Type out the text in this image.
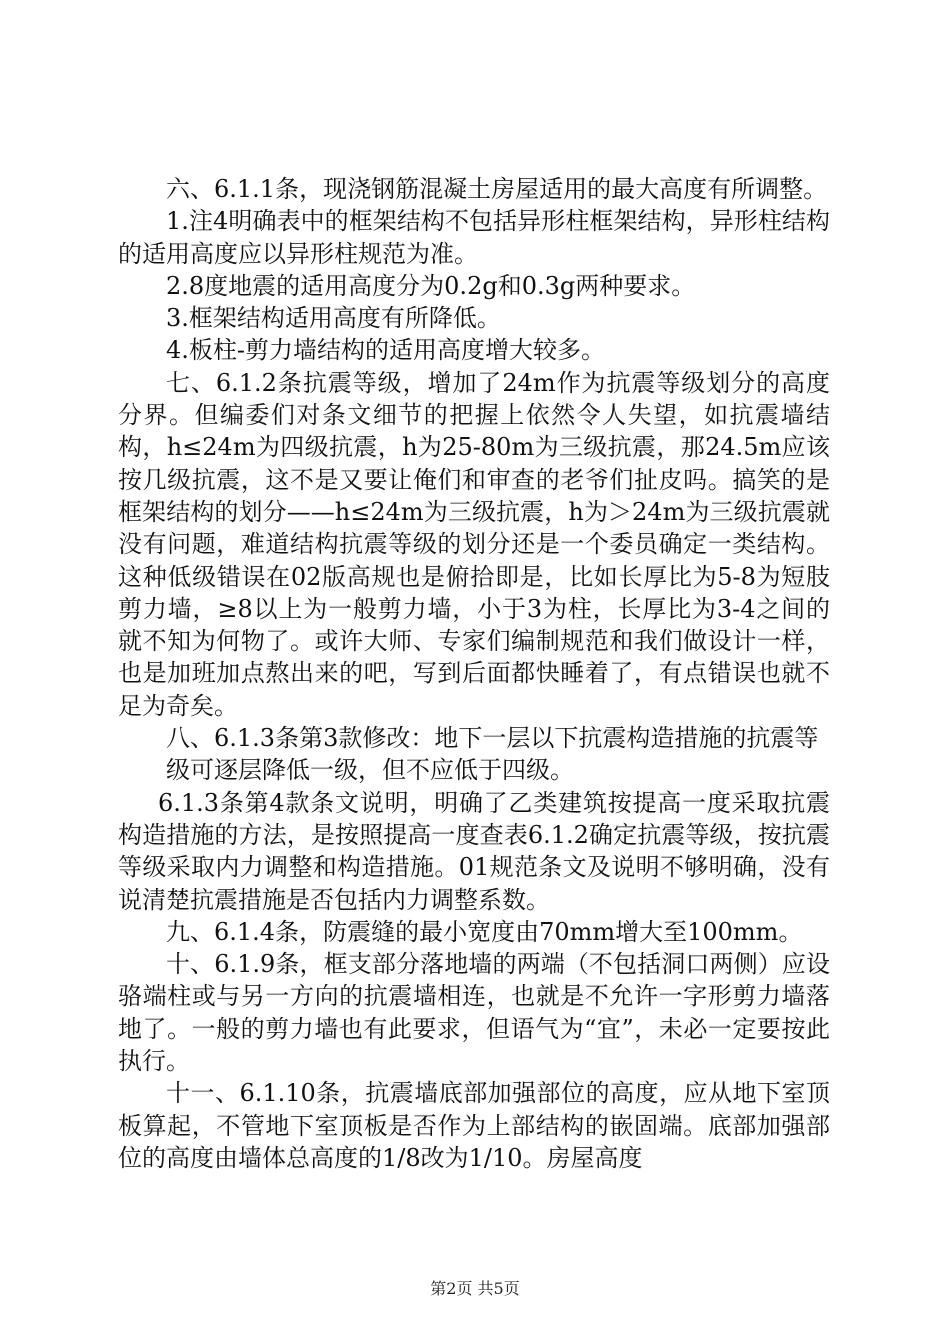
六、6.1.1条，现浇钢筋混凝土房屋适用的最大高度有所调整。

1.注4明确表中的框架结构不包括异形柱框架结构，异形柱结构的适用高度应以异形柱规范为准。

2.8度地震的适用高度分为0.2g和0.3g两种要求。

3.框架结构适用高度有所降低。

4.板柱-剪力墙结构的适用高度增大较多。

七、6.1.2条抗震等级，增加了24m作为抗震等级划分的高度分界。但编委们对条文细节的把握上依然令人失望，如抗震墙结构，h≤24m为四级抗震，h为25-80m为三级抗震，那24.5m应该按几级抗震，这不是又要让俺们和审查的老爷们扯皮吗。搞笑的是框架结构的划分——h≤24m为三级抗震，h为＞24m为三级抗震就没有问题，难道结构抗震等级的划分还是一个委员确定一类结构。这种低级错误在02版高规也是俯拾即是，比如长厚比为5-8为短肢剪力墙，≥8以上为一般剪力墙，小于3为柱，长厚比为3-4之间的就不知为何物了。或许大师、专家们编制规范和我们做设计一样，也是加班加点熬出来的吧，写到后面都快睡着了，有点错误也就不足为奇矣。

八、6.1.3条第3款修改：地下一层以下抗震构造措施的抗震等

级可逐层降低一级，但不应低于四级。

6.1.3条第4款条文说明，明确了乙类建筑按提高一度采取抗震构造措施的方法，是按照提高一度查表6.1.2确定抗震等级，按抗震等级采取内力调整和构造措施。01规范条文及说明不够明确，没有说清楚抗震措施是否包括内力调整系数。

九、6.1.4条，防震缝的最小宽度由70mm增大至100mm。

十、6.1.9条，框支部分落地墙的两端（不包括洞口两侧）应设骆端柱或与另一方向的抗震墙相连，也就是不允许一字形剪力墙落地了。一般的剪力墙也有此要求，但语气为“宜”，未必一定要按此执行。

十一、6.1.10条，抗震墙底部加强部位的高度，应从地下室顶板算起，不管地下室顶板是否作为上部结构的嵌固端。底部加强部位的高度由墙体总高度的1/8改为1/10。房屋高度

第2页 共5页
